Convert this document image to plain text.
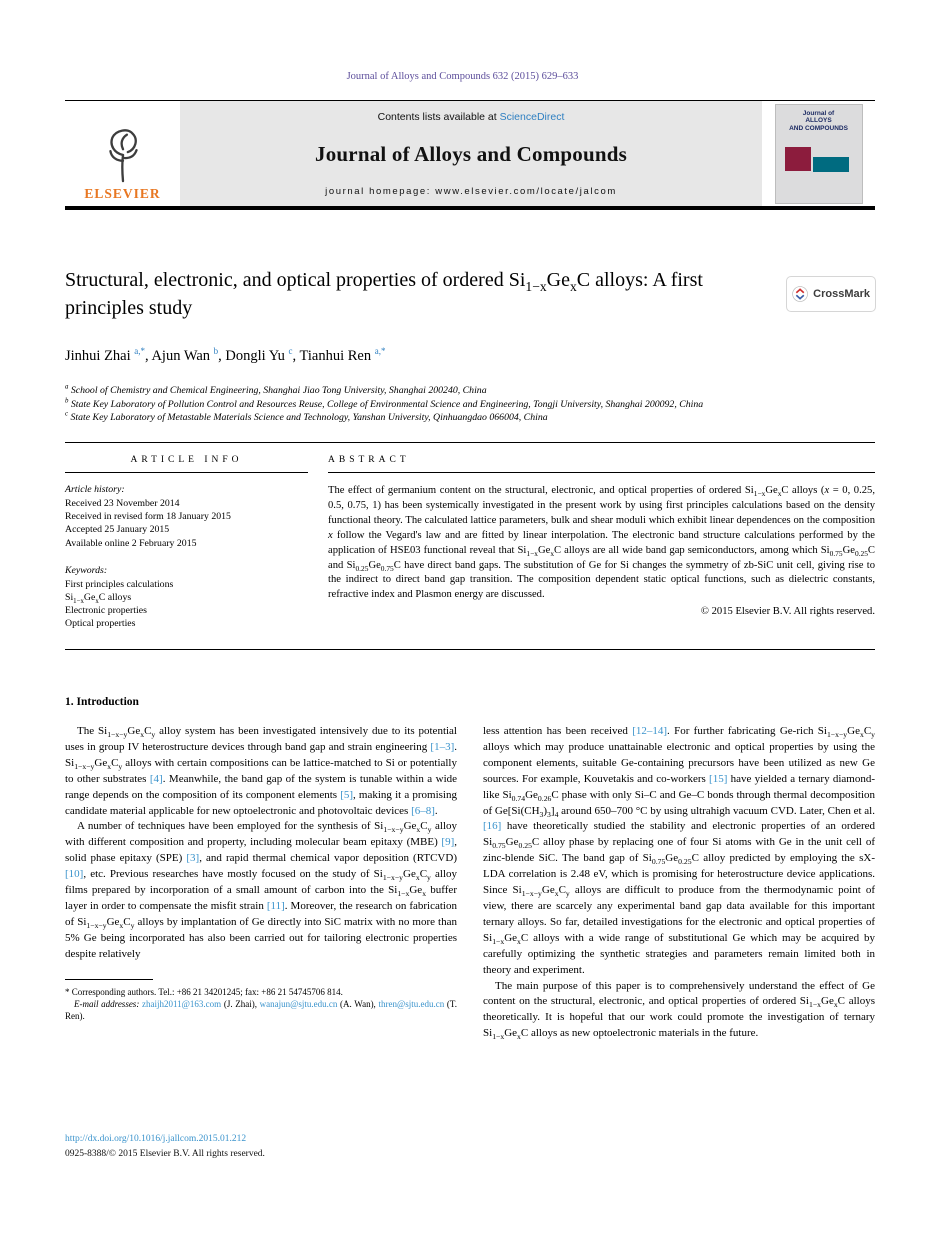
Journal of Alloys and Compounds 632 (2015) 629–633
ELSEVIER
Contents lists available at ScienceDirect
Journal of Alloys and Compounds
journal homepage: www.elsevier.com/locate/jalcom
Journal of
ALLOYS
AND COMPOUNDS
Structural, electronic, and optical properties of ordered $Si_{1-x}Ge_xC$ alloys: A first principles study
CrossMark
Jinhui Zhai $^{a,*}$, Ajun Wan $^b$, Dongli Yu $^c$, Tianhui Ren $^{a,*}$
$^a$ School of Chemistry and Chemical Engineering, Shanghai Jiao Tong University, Shanghai 200240, China
$^b$ State Key Laboratory of Pollution Control and Resources Reuse, College of Environmental Science and Engineering, Tongji University, Shanghai 200092, China
$^c$ State Key Laboratory of Metastable Materials Science and Technology, Yanshan University, Qinhuangdao 066004, China
ARTICLE INFO

Article history:

Received 23 November 2014
Received in revised form 18 January 2015
Accepted 25 January 2015
Available online 2 February 2015

Keywords:

First principles calculations
$Si_{1-x}Ge_xC$ alloys
Electronic properties
Optical properties
ABSTRACT

The effect of germanium content on the structural, electronic, and optical properties of ordered $Si_{1-x}Ge_xC$ alloys (x = 0, 0.25, 0.5, 0.75, 1) has been systemically investigated in the present work by using first principles calculations based on the density functional theory. The calculated lattice parameters, bulk and shear moduli which exhibit linear dependences on the composition x follow the Vegard's law and are fitted by linear interpolation. The electronic band structure calculations performed by the application of HSE03 functional reveal that $Si_{1-x}Ge_xC$ alloys are all wide band gap semiconductors, among which $Si_{0.75}Ge_{0.25}C$ and $Si_{0.25}Ge_{0.75}C$ have direct band gaps. The substitution of Ge for Si changes the symmetry of zb-SiC unit cell, giving rise to the indirect to direct band gap transition. The composition dependent static optical functions, such as dielectric constants, refractive index and Plasmon energy are discussed.

© 2015 Elsevier B.V. All rights reserved.
1. Introduction

The $Si_{1-x-y}Ge_xC_y$ alloy system has been investigated intensively due to its potential uses in group IV heterostructure devices through band gap and strain engineering [1–3]. $Si_{1-x-y}Ge_xC_y$ alloys with certain compositions can be lattice-matched to Si or potentially to other substrates [4]. Meanwhile, the band gap of the system is tunable within a wide range depends on the composition of its component elements [5], making it a promising candidate material applicable for new optoelectronic and photovoltaic devices [6–8].

A number of techniques have been employed for the synthesis of $Si_{1-x-y}Ge_xC_y$ alloy with different composition and property, including molecular beam epitaxy (MBE) [9], solid phase epitaxy (SPE) [3], and rapid thermal chemical vapor deposition (RTCVD) [10], etc. Previous researches have mostly focused on the study of $Si_{1-x-y}Ge_xC_y$ alloy films prepared by incorporation of a small amount of carbon into the $Si_{1-x}Ge_x$ buffer layer in order to compensate the misfit strain [11]. Moreover, the research on fabrication of $Si_{1-x-y}Ge_xC_y$ alloys by implantation of Ge directly into SiC matrix with no more than 5% Ge being incorporated has also been carried out for tailoring electronic properties despite relatively

* Corresponding authors. Tel.: +86 21 34201245; fax: +86 21 54745706 814.

E-mail addresses: zhaijh2011@163.com (J. Zhai), wanajun@sjtu.edu.cn (A. Wan), thren@sjtu.edu.cn (T. Ren).

less attention has been received [12–14]. For further fabricating Ge-rich $Si_{1-x-y}Ge_xC_y$ alloys which may produce unattainable electronic and optical properties by using the component elements, suitable Ge-containing precursors have been utilized as new Ge sources. For example, Kouvetakis and co-workers [15] have yielded a ternary diamond-like $Si_{0.74}Ge_{0.26}C$ phase with only Si–C and Ge–C bonds through thermal decomposition of $Ge[Si(CH_3)_3]_4$ around 650–700 °C by using ultrahigh vacuum CVD. Later, Chen et al. [16] have theoretically studied the stability and electronic properties of an ordered $Si_{0.75}Ge_{0.25}C$ alloy phase by replacing one of four Si atoms with Ge in the unit cell of zinc-blende SiC. The band gap of $Si_{0.75}Ge_{0.25}C$ alloy predicted by employing the sX-LDA correlation is 2.48 eV, which is promising for heterostructure device applications. Since $Si_{1-x-y}Ge_xC_y$ alloys are difficult to produce from the thermodynamic point of view, there are scarcely any experimental band gap data available for this important ternary alloys. So far, detailed investigations for the electronic and optical properties of $Si_{1-x}Ge_xC$ alloys with a wide range of substitutional Ge which may be acquired by carefully optimizing the synthetic strategies and parameters remain limited both in theory and experiment.

The main purpose of this paper is to comprehensively understand the effect of Ge content on the structural, electronic, and optical properties of ordered $Si_{1-x}Ge_xC$ alloys theoretically. It is hopeful that our work could promote the investigation of ternary $Si_{1-x}Ge_xC$ alloys as new optoelectronic materials in the future.

http://dx.doi.org/10.1016/j.jallcom.2015.01.212
0925-8388/© 2015 Elsevier B.V. All rights reserved.
